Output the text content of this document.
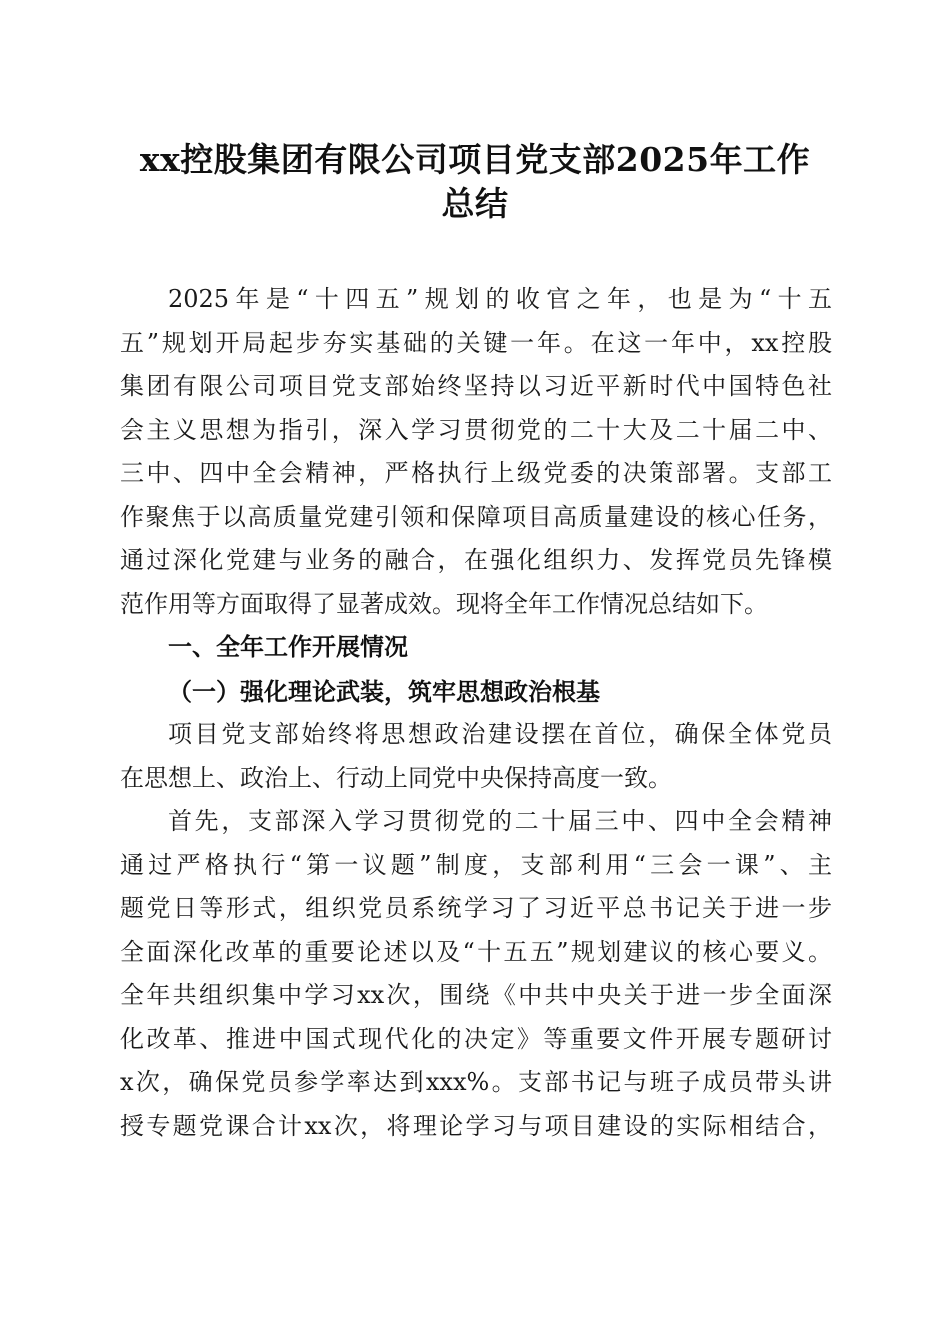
xx控股集团有限公司项目党支部2025年工作
总结
2025年是“十四五”规划的收官之年，也是为“十五
五”规划开局起步夯实基础的关键一年。在这一年中，xx控股
集团有限公司项目党支部始终坚持以习近平新时代中国特色社
会主义思想为指引，深入学习贯彻党的二十大及二十届二中、
三中、四中全会精神，严格执行上级党委的决策部署。支部工
作聚焦于以高质量党建引领和保障项目高质量建设的核心任务，
通过深化党建与业务的融合，在强化组织力、发挥党员先锋模
范作用等方面取得了显著成效。现将全年工作情况总结如下。
一、全年工作开展情况
（一）强化理论武装，筑牢思想政治根基
项目党支部始终将思想政治建设摆在首位，确保全体党员
在思想上、政治上、行动上同党中央保持高度一致。
首先，支部深入学习贯彻党的二十届三中、四中全会精神
通过严格执行“第一议题”制度，支部利用“三会一课”、主
题党日等形式，组织党员系统学习了习近平总书记关于进一步
全面深化改革的重要论述以及“十五五”规划建议的核心要义。
全年共组织集中学习xx次，围绕《中共中央关于进一步全面深
化改革、推进中国式现代化的决定》等重要文件开展专题研讨
x次，确保党员参学率达到xxx%。支部书记与班子成员带头讲
授专题党课合计xx次，将理论学习与项目建设的实际相结合，
